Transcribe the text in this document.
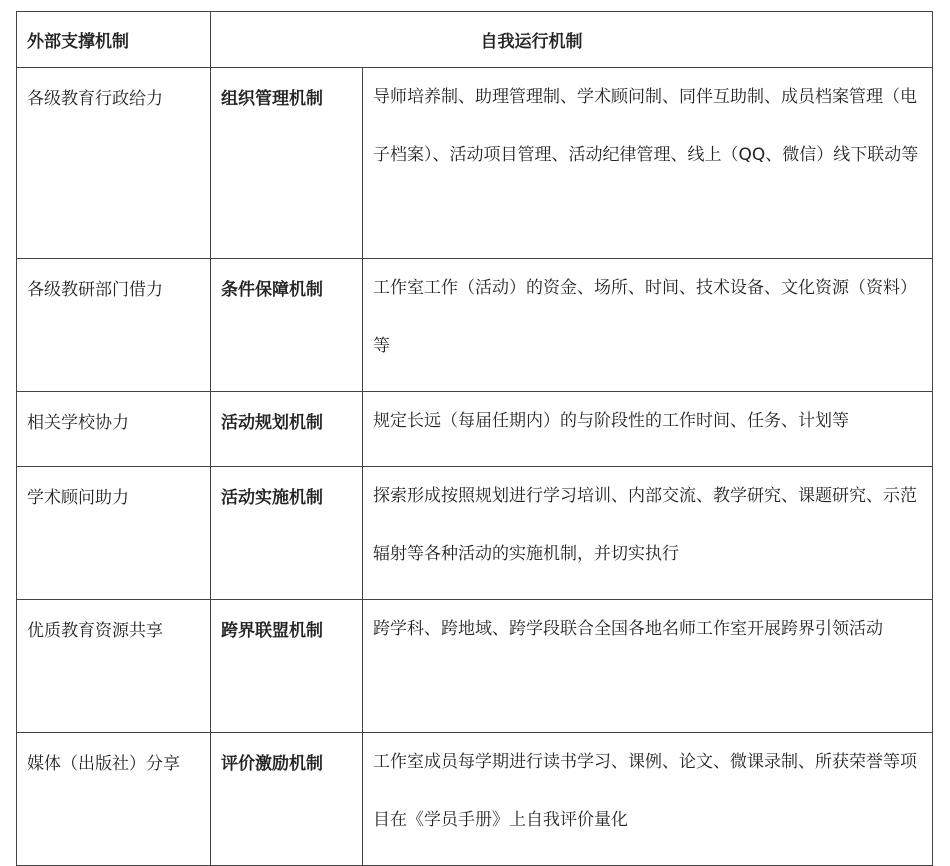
外部支撑机制	自我运行机制	
各级教育行政给力	组织管理机制	导师培养制、助理管理制、学术顾问制、同伴互助制、成员档案管理（电子档案）、活动项目管理、活动纪律管理、线上（QQ、微信）线下联动等
各级教研部门借力	条件保障机制	工作室工作（活动）的资金、场所、时间、技术设备、文化资源（资料）等
相关学校协力	活动规划机制	规定长远（每届任期内）的与阶段性的工作时间、任务、计划等
学术顾问助力	活动实施机制	探索形成按照规划进行学习培训、内部交流、教学研究、课题研究、示范辐射等各种活动的实施机制，并切实执行
优质教育资源共享	跨界联盟机制	跨学科、跨地域、跨学段联合全国各地名师工作室开展跨界引领活动
媒体（出版社）分享	评价激励机制	工作室成员每学期进行读书学习、课例、论文、微课录制、所获荣誉等项目在《学员手册》上自我评价量化
